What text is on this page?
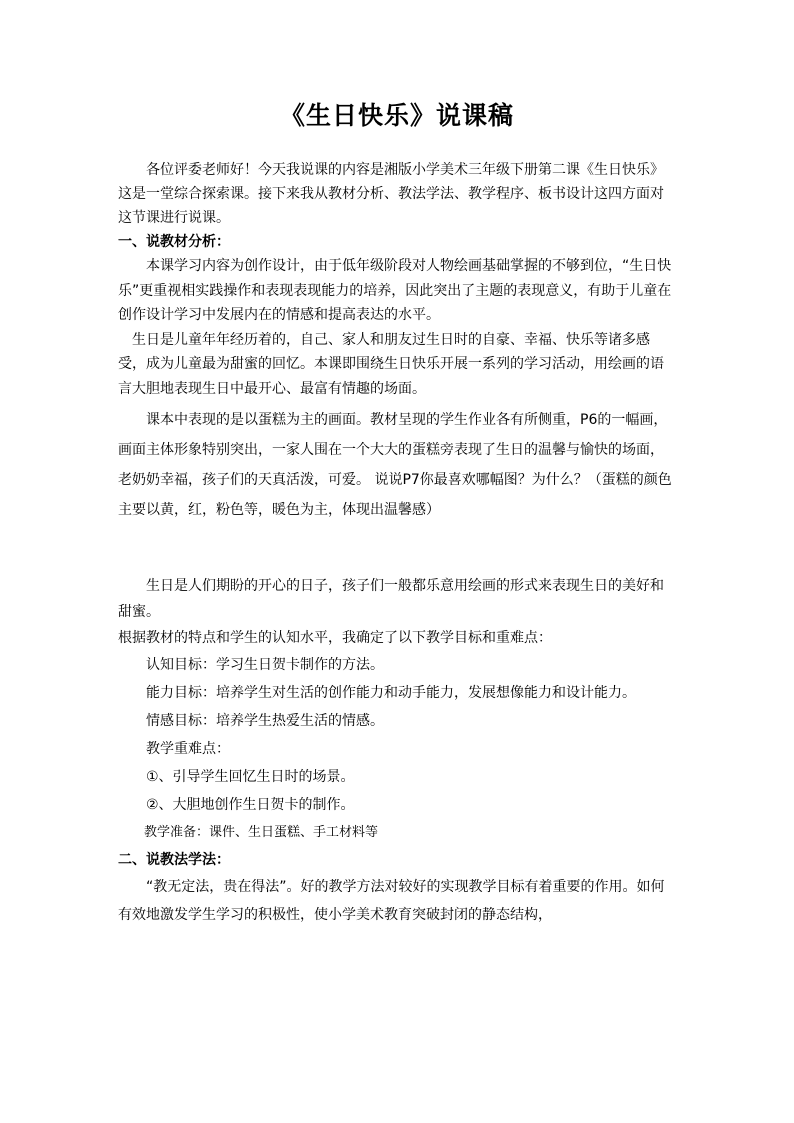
《生日快乐》说课稿

各位评委老师好！今天我说课的内容是湘版小学美术三年级下册第二课《生日快乐》这是一堂综合探索课。接下来我从教材分析、教法学法、教学程序、板书设计这四方面对这节课进行说课。

一、说教材分析：

本课学习内容为创作设计，由于低年级阶段对人物绘画基础掌握的不够到位，“生日快乐”更重视相实践操作和表现表现能力的培养，因此突出了主题的表现意义，有助于儿童在创作设计学习中发展内在的情感和提高表达的水平。

生日是儿童年年经历着的，自己、家人和朋友过生日时的自豪、幸福、快乐等诸多感受，成为儿童最为甜蜜的回忆。本课即围绕生日快乐开展一系列的学习活动，用绘画的语言大胆地表现生日中最开心、最富有情趣的场面。

课本中表现的是以蛋糕为主的画面。教材呈现的学生作业各有所侧重，P6的一幅画，画面主体形象特别突出，一家人围在一个大大的蛋糕旁表现了生日的温馨与愉快的场面，老奶奶幸福，孩子们的天真活泼，可爱。 说说P7你最喜欢哪幅图？为什么？（蛋糕的颜色主要以黄，红，粉色等，暖色为主，体现出温馨感）

生日是人们期盼的开心的日子，孩子们一般都乐意用绘画的形式来表现生日的美好和甜蜜。

根据教材的特点和学生的认知水平，我确定了以下教学目标和重难点：

认知目标：学习生日贺卡制作的方法。

能力目标：培养学生对生活的创作能力和动手能力，发展想像能力和设计能力。

情感目标：培养学生热爱生活的情感。

教学重难点：

①、引导学生回忆生日时的场景。

②、大胆地创作生日贺卡的制作。

教学准备：课件、生日蛋糕、手工材料等

二、说教法学法：

“教无定法，贵在得法”。好的教学方法对较好的实现教学目标有着重要的作用。如何有效地激发学生学习的积极性，使小学美术教育突破封闭的静态结构，
